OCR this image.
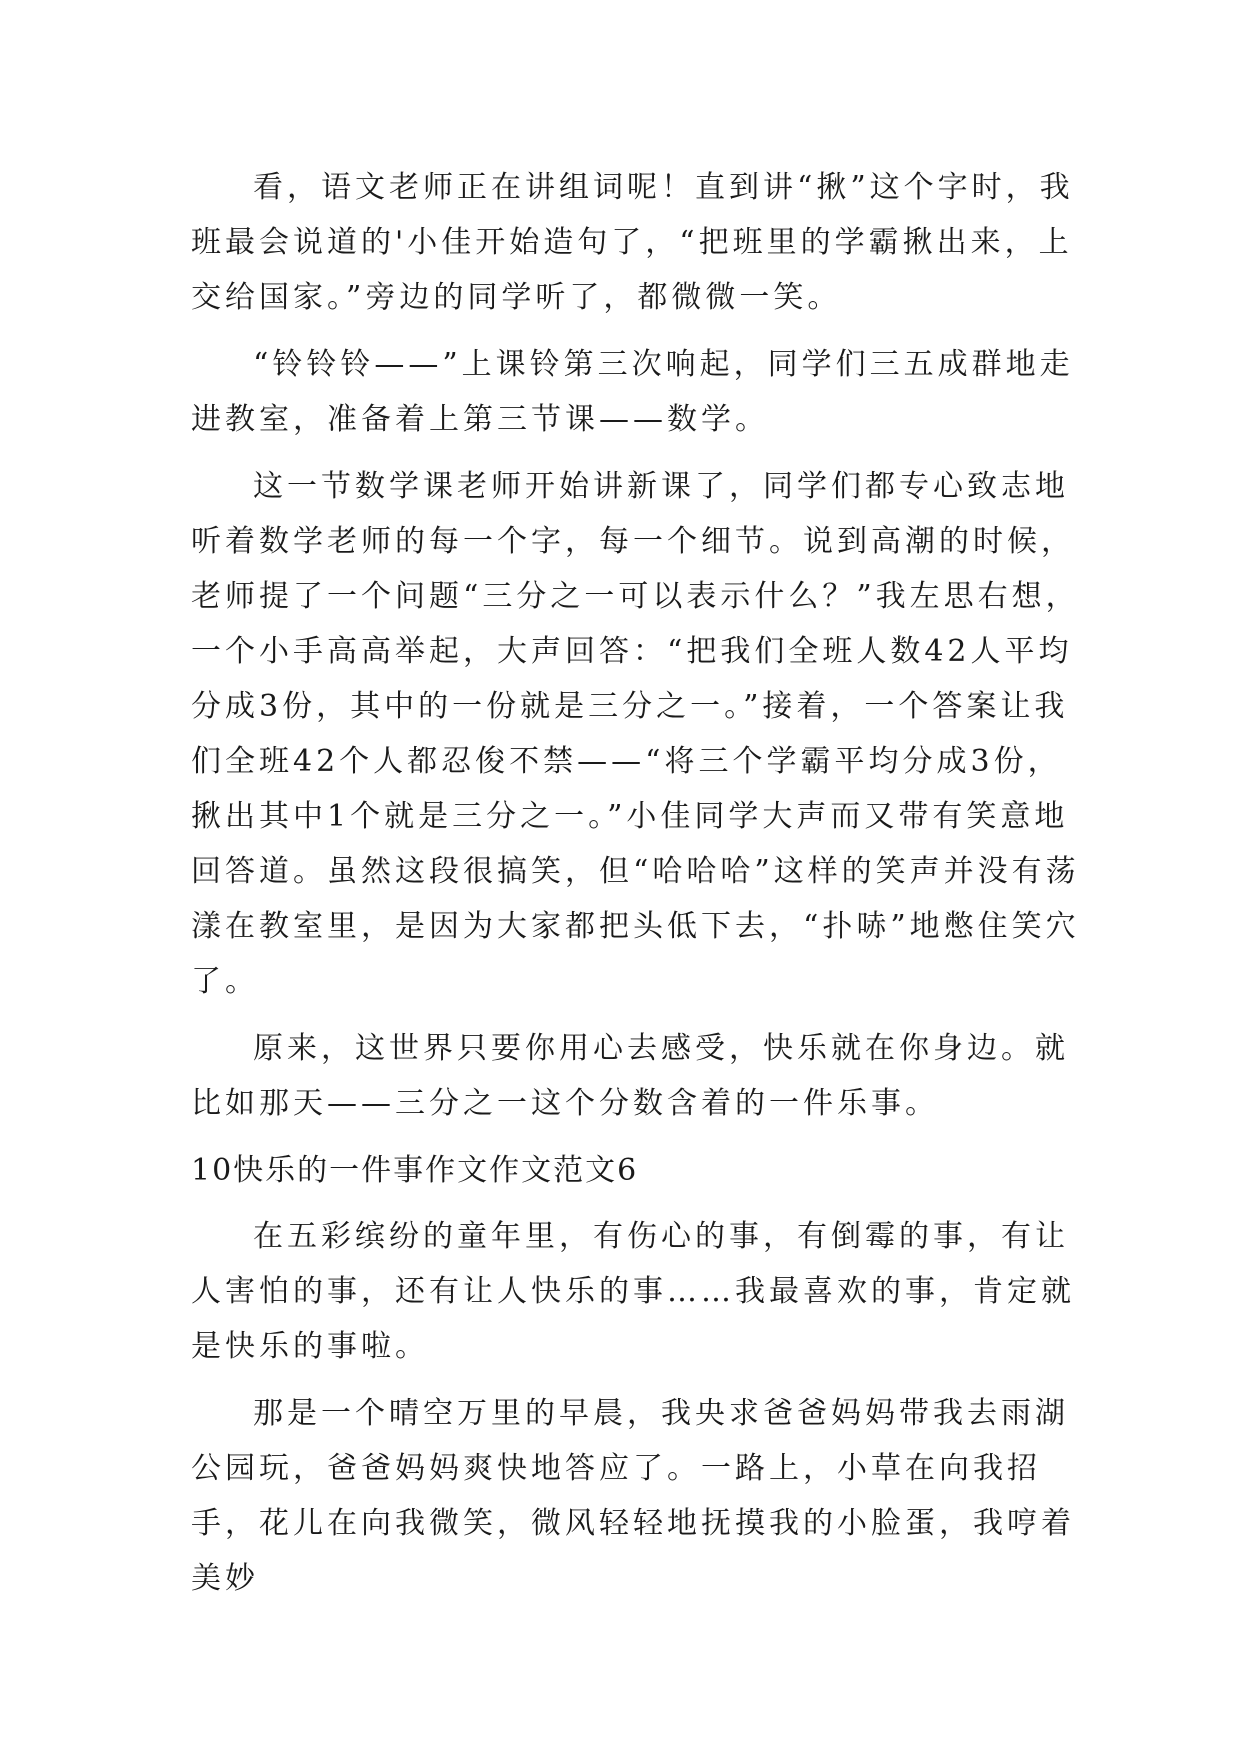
看，语文老师正在讲组词呢！直到讲“揪”这个字时，我班最会说道的'小佳开始造句了，“把班里的学霸揪出来，上交给国家。”旁边的同学听了，都微微一笑。

“铃铃铃——”上课铃第三次响起，同学们三五成群地走进教室，准备着上第三节课——数学。

这一节数学课老师开始讲新课了，同学们都专心致志地听着数学老师的每一个字，每一个细节。说到高潮的时候，老师提了一个问题“三分之一可以表示什么？”我左思右想，一个小手高高举起，大声回答：“把我们全班人数42人平均分成3份，其中的一份就是三分之一。”接着，一个答案让我们全班42个人都忍俊不禁——“将三个学霸平均分成3份，揪出其中1个就是三分之一。”小佳同学大声而又带有笑意地回答道。虽然这段很搞笑，但“哈哈哈”这样的笑声并没有荡漾在教室里，是因为大家都把头低下去，“扑哧”地憋住笑穴了。

原来，这世界只要你用心去感受，快乐就在你身边。就比如那天——三分之一这个分数含着的一件乐事。

10快乐的一件事作文作文范文6

在五彩缤纷的童年里，有伤心的事，有倒霉的事，有让人害怕的事，还有让人快乐的事……我最喜欢的事，肯定就是快乐的事啦。

那是一个晴空万里的早晨，我央求爸爸妈妈带我去雨湖公园玩，爸爸妈妈爽快地答应了。一路上，小草在向我招手，花儿在向我微笑，微风轻轻地抚摸我的小脸蛋，我哼着美妙
